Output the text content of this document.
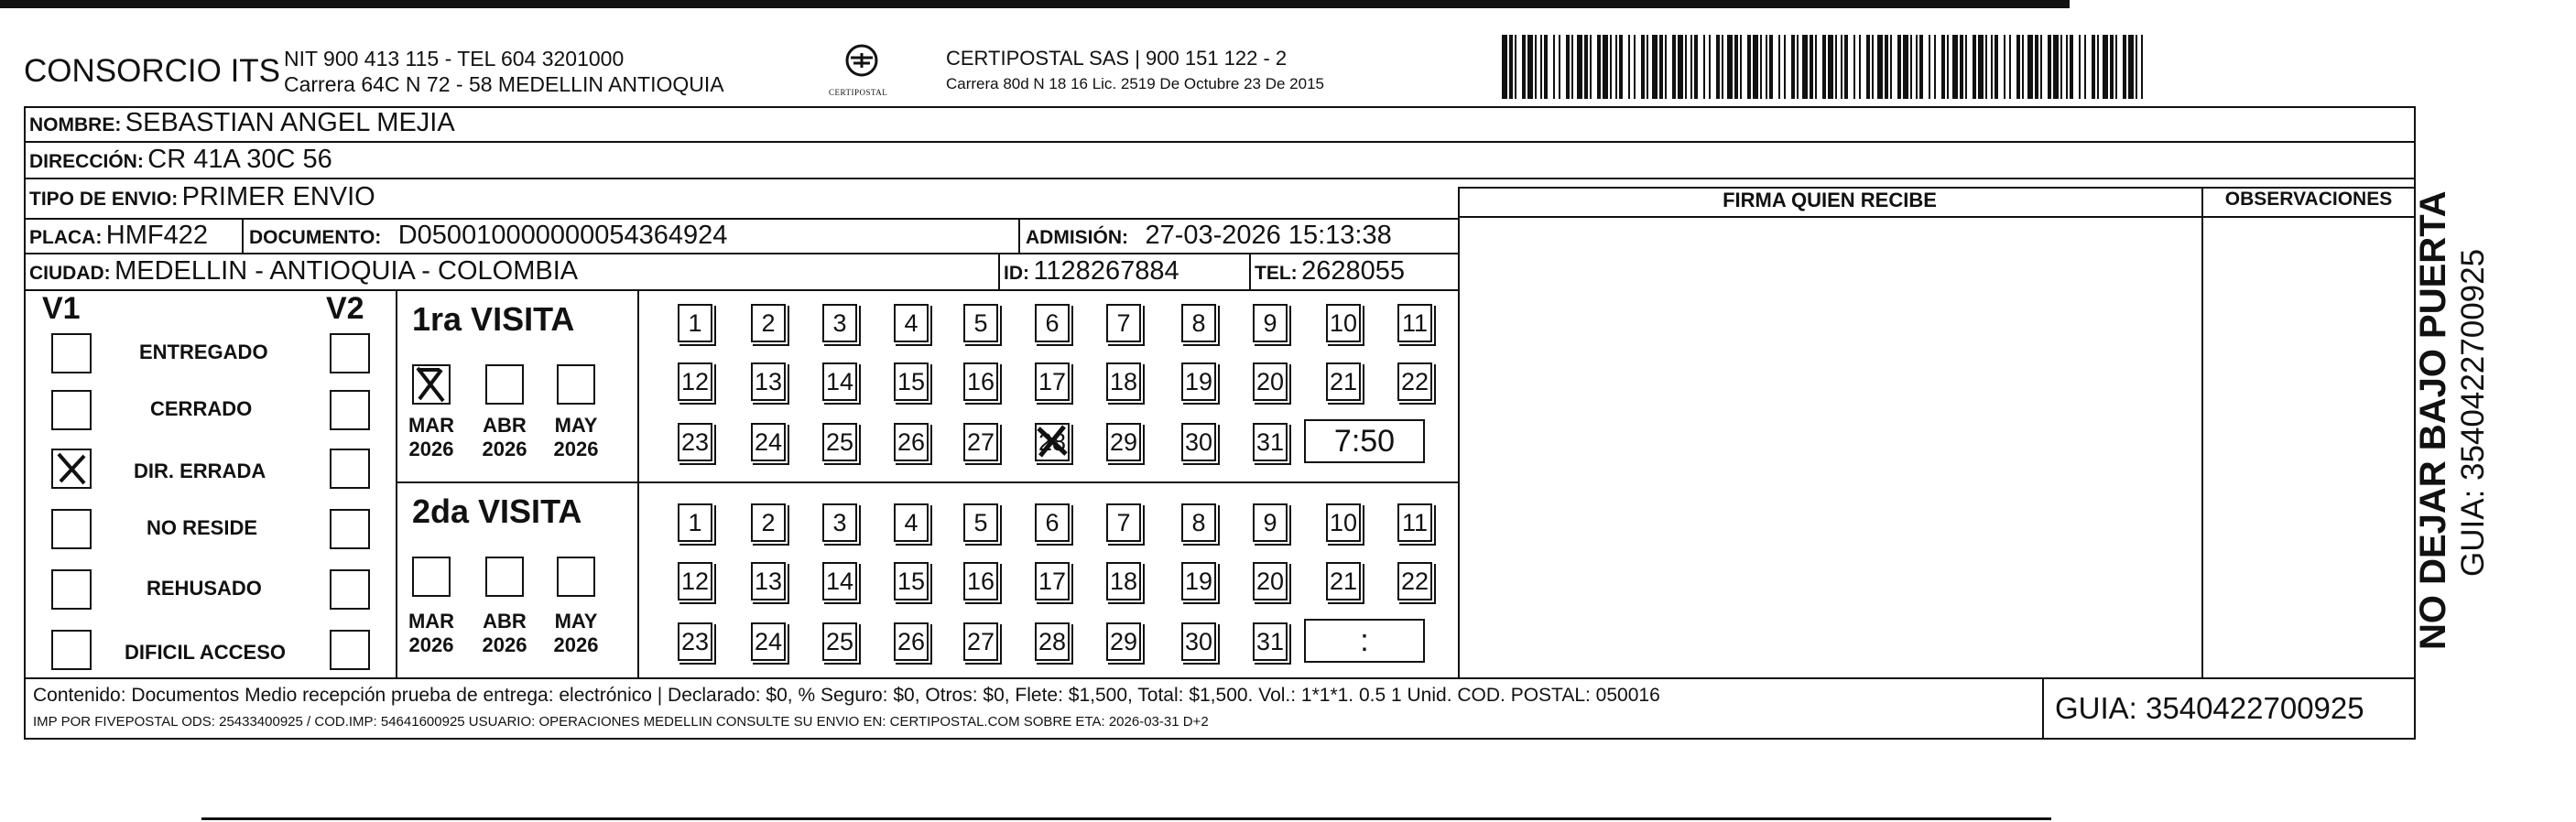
CONSORCIO ITS NIT 900 413 115 - TEL 604 3201000
Carrera 64C N 72 - 58 MEDELLIN ANTIOQUIA	CERTIPOSTAL
CERTIPOSTAL SAS | 900 151 122 - 2
Carrera 80d N 18 16 Lic. 2519 De Octubre 23 De 2015
NOMBRE: SEBASTIAN ANGEL MEJIA
DIRECCIÓN: CR 41A 30C 56
TIPO DE ENVIO: PRIMER ENVIO	FIRMA QUIEN RECIBE	OBSERVACIONES
PLACA: HMF422 DOCUMENTO: D050010000000054364924	ADMISIÓN: 27-03-2026 15:13:38
CIUDAD: MEDELLIN - ANTIOQUIA - COLOMBIA	ID: 1128267884	TEL: 2628055
V1	V2
ENTREGADO
CERRADO
DIR. ERRADA
NO RESIDE
REHUSADO
DIFICIL ACCESO
1ra VISITA
MAR
2026
ABR
2026
MAY
2026
1	2	3	4	5	6	7	8	9	10 11
12 13 14 15 16 17 18 19 20 21 22
23 24 25 26 27 28 29 30 31	7:50
2da VISITA
MAR
2026
ABR
2026
MAY
2026
1	2	3	4	5	6	7	8	9	10 11
12 13 14 15 16 17 18 19 20 21 22
23 24 25 26 27 28 29 30 31	:
Contenido: Documentos Medio recepción prueba de entrega: electrónico | Declarado: $0, % Seguro: $0, Otros: $0, Flete: $1,500, Total: $1,500. Vol.: 1*1*1. 0.5 1 Unid. COD. POSTAL: 050016
IMP POR FIVEPOSTAL ODS: 25433400925 / COD.IMP: 54641600925 USUARIO: OPERACIONES MEDELLIN CONSULTE SU ENVIO EN: CERTIPOSTAL.COM SOBRE ETA: 2026-03-31 D+2	GUIA: 3540422700925
NO DEJAR BAJO PUERTA GUIA: 3540422700925
